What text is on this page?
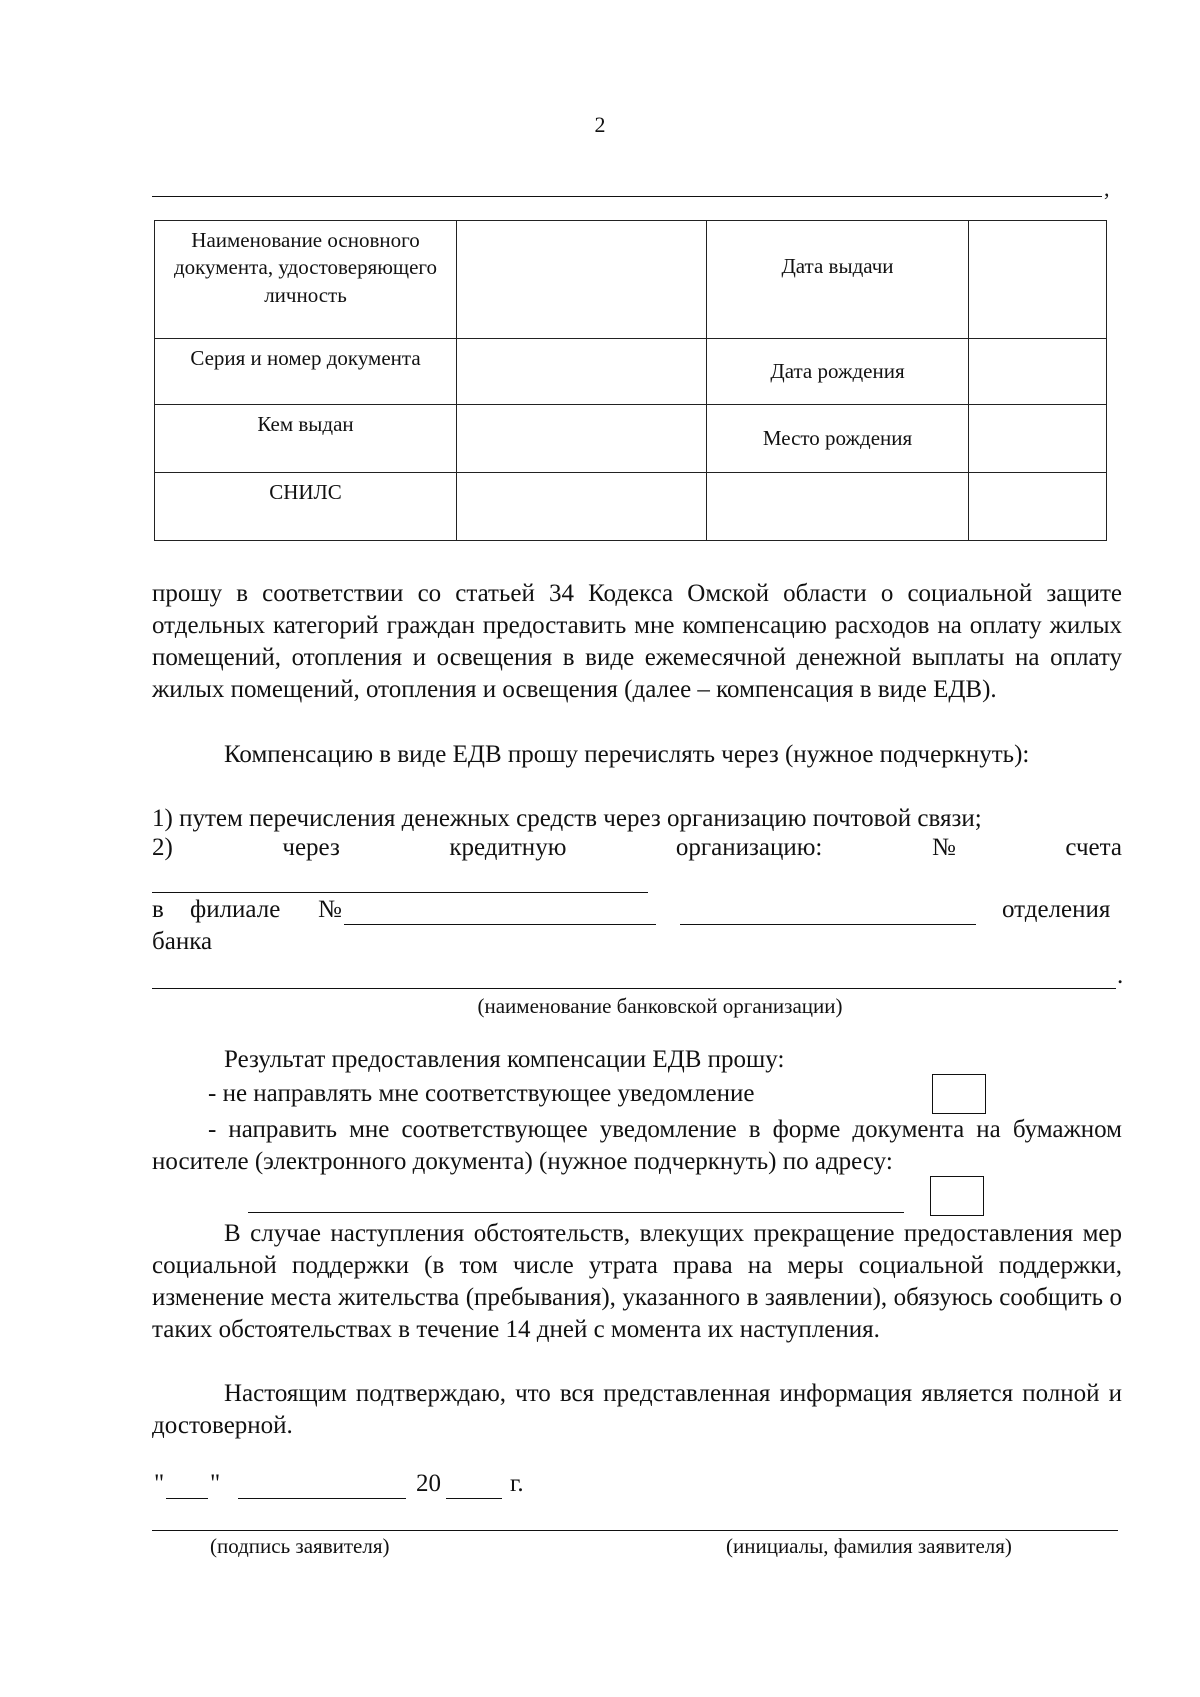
2
,
Наименование основного документа, удостоверяющего личность		Дата выдачи	
Серия и номер документа		Дата рождения	
Кем выдан		Место рождения	
СНИЛС			
прошу в соответствии со статьей 34 Кодекса Омской области о социальной защите отдельных категорий граждан предоставить мне компенсацию расходов на оплату жилых помещений, отопления и освещения в виде ежемесячной денежной выплаты на оплату жилых помещений, отопления и освещения (далее – компенсация в виде ЕДВ).
Компенсацию в виде ЕДВ прошу перечислять через (нужное подчеркнуть):
1) путем перечисления денежных средств через организацию почтовой связи;
2)	через	кредитную	организацию:	№	счета
в филиале №	отделения
банка
.
(наименование банковской организации)
Результат предоставления компенсации ЕДВ прошу:
- не направлять мне соответствующее уведомление
- направить мне соответствующее уведомление в форме документа на бумажном носителе (электронного документа) (нужное подчеркнуть) по адресу:
В случае наступления обстоятельств, влекущих прекращение предоставления мер социальной поддержки (в том числе утрата права на меры социальной поддержки, изменение места жительства (пребывания), указанного в заявлении), обязуюсь сообщить о таких обстоятельствах в течение 14 дней с момента их наступления.
Настоящим подтверждаю, что вся представленная информация является полной и достоверной.
" "	20	г.
(подпись заявителя)	(инициалы, фамилия заявителя)
